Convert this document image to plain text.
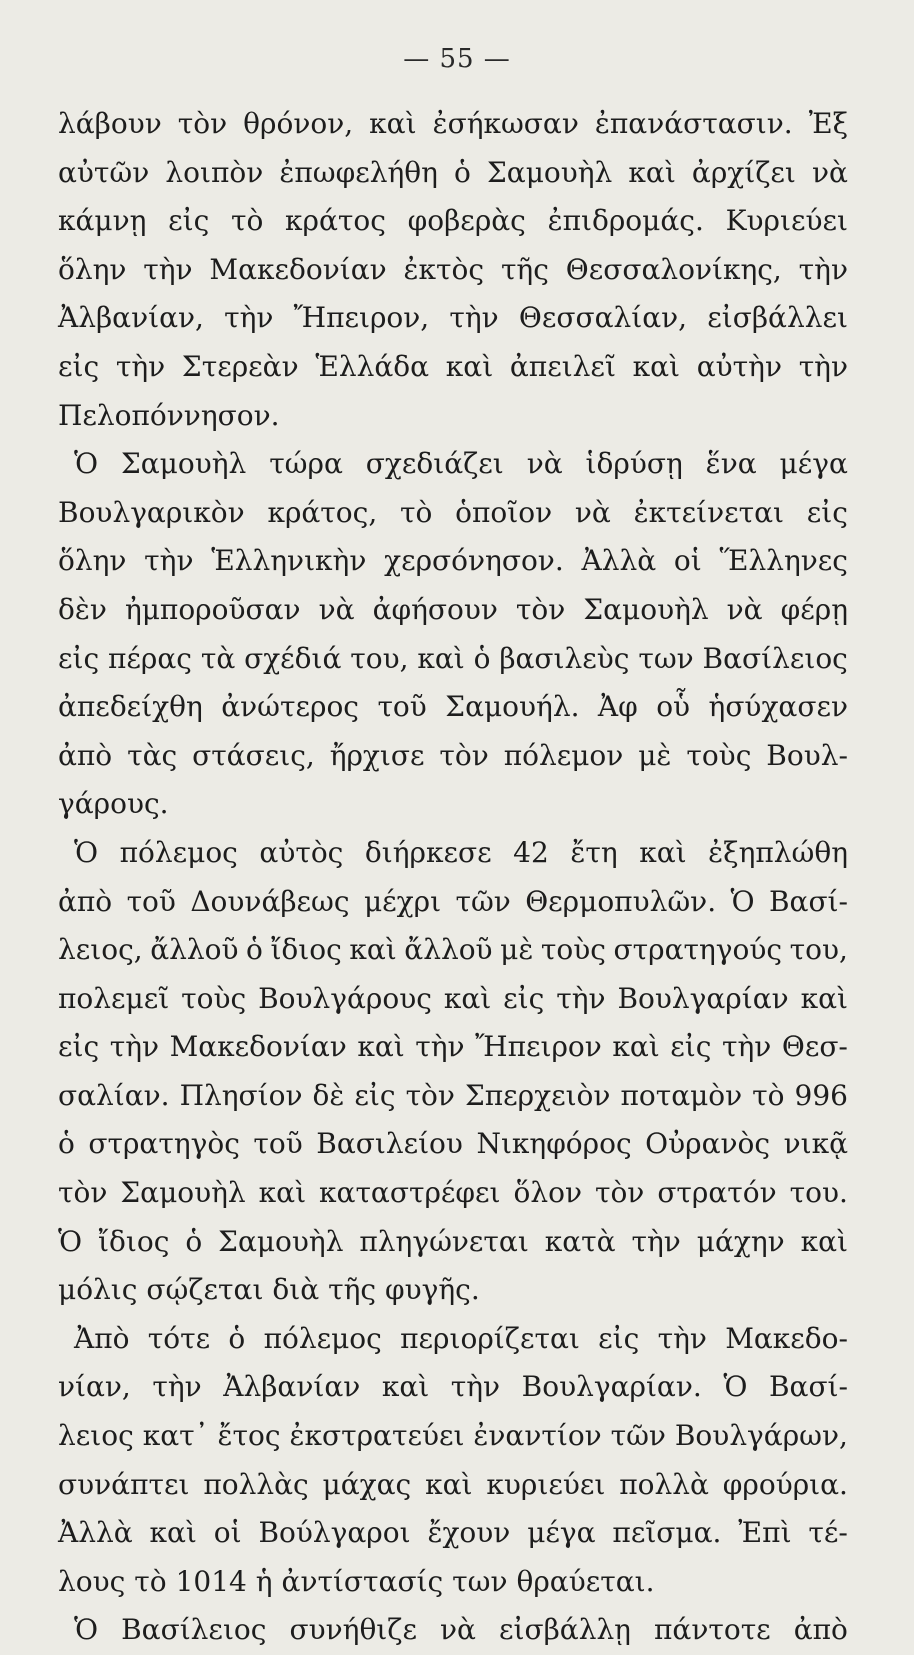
— 55 —
λάβουν τὸν θρόνον, καὶ ἐσήκωσαν ἐπανάστασιν. Ἐξ
αὐτῶν λοιπὸν ἐπωφελήθη ὁ Σαμουὴλ καὶ ἀρχίζει νὰ
κάμνῃ εἰς τὸ κράτος φοβερὰς ἐπιδρομάς. Κυριεύει
ὅλην τὴν Μακεδονίαν ἐκτὸς τῆς Θεσσαλονίκης, τὴν
Ἀλβανίαν, τὴν Ἤπειρον, τὴν Θεσσαλίαν, εἰσβάλλει
εἰς τὴν Στερεὰν Ἑλλάδα καὶ ἀπειλεῖ καὶ αὐτὴν τὴν
Πελοπόννησον.
Ὁ Σαμουὴλ τώρα σχεδιάζει νὰ ἱδρύσῃ ἕνα μέγα
Βουλγαρικὸν κράτος, τὸ ὁποῖον νὰ ἐκτείνεται εἰς
ὅλην τὴν Ἑλληνικὴν χερσόνησον. Ἀλλὰ οἱ Ἕλληνες
δὲν ἠμποροῦσαν νὰ ἀφήσουν τὸν Σαμουὴλ νὰ φέρῃ
εἰς πέρας τὰ σχέδιά του, καὶ ὁ βασιλεὺς των Βασίλειος
ἀπεδείχθη ἀνώτερος τοῦ Σαμουήλ. Ἀφ οὗ ἡσύχασεν
ἀπὸ τὰς στάσεις, ἤρχισε τὸν πόλεμον μὲ τοὺς Βουλ-
γάρους.
Ὁ πόλεμος αὐτὸς διήρκεσε 42 ἔτη καὶ ἐξηπλώθη
ἀπὸ τοῦ Δουνάβεως μέχρι τῶν Θερμοπυλῶν. Ὁ Βασί-
λειος, ἄλλοῦ ὁ ἴδιος καὶ ἄλλοῦ μὲ τοὺς στρατηγούς του,
πολεμεῖ τοὺς Βουλγάρους καὶ εἰς τὴν Βουλγαρίαν καὶ
εἰς τὴν Μακεδονίαν καὶ τὴν Ἤπειρον καὶ εἰς τὴν Θεσ-
σαλίαν. Πλησίον δὲ εἰς τὸν Σπερχειὸν ποταμὸν τὸ 996
ὁ στρατηγὸς τοῦ Βασιλείου Νικηφόρος Οὐρανὸς νικᾷ
τὸν Σαμουὴλ καὶ καταστρέφει ὅλον τὸν στρατόν του.
Ὁ ἴδιος ὁ Σαμουὴλ πληγώνεται κατὰ τὴν μάχην καὶ
μόλις σῴζεται διὰ τῆς φυγῆς.
Ἀπὸ τότε ὁ πόλεμος περιορίζεται εἰς τὴν Μακεδο-
νίαν, τὴν Ἀλβανίαν καὶ τὴν Βουλγαρίαν. Ὁ Βασί-
λειος κατ᾽ ἔτος ἐκστρατεύει ἐναντίον τῶν Βουλγάρων,
συνάπτει πολλὰς μάχας καὶ κυριεύει πολλὰ φρούρια.
Ἀλλὰ καὶ οἱ Βούλγαροι ἔχουν μέγα πεῖσμα. Ἐπὶ τέ-
λους τὸ 1014 ἡ ἀντίστασίς των θραύεται.
Ὁ Βασίλειος συνήθιζε νὰ εἰσβάλλῃ πάντοτε ἀπὸ
